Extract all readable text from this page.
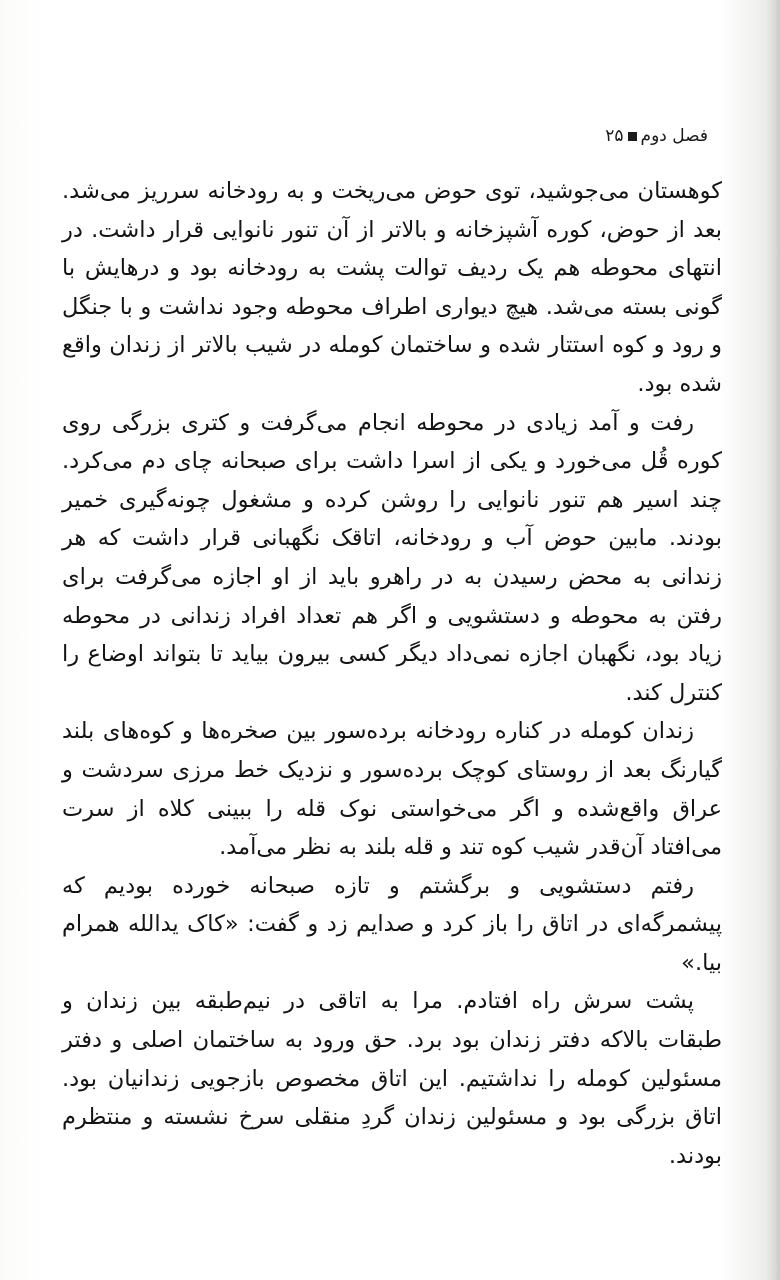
فصل دوم
۲۵

کوهستان می‌جوشید، توی حوض می‌ریخت و به رودخانه سرریز می‌شد. بعد از حوض، کوره آشپزخانه و بالاتر از آن تنور نانوایی قرار داشت. در انتهای محوطه هم یک ردیف توالت پشت به رودخانه بود و درهایش با گونی بسته می‌شد. هیچ دیواری اطراف محوطه وجود نداشت و با جنگل و رود و کوه استتار شده و ساختمان کومله در شیب بالاتر از زندان واقع شده بود.

رفت و آمد زیادی در محوطه انجام می‌گرفت و کتری بزرگی روی کوره قُل می‌خورد و یکی از اسرا داشت برای صبحانه چای دم می‌کرد. چند اسیر هم تنور نانوایی را روشن کرده و مشغول چونه‌گیری خمیر بودند. مابین حوض آب و رودخانه، اتاقک نگهبانی قرار داشت که هر زندانی به محض رسیدن به در راهرو باید از او اجازه می‌گرفت برای رفتن به محوطه و دستشویی و اگر هم تعداد افراد زندانی در محوطه زیاد بود، نگهبان اجازه نمی‌داد دیگر کسی بیرون بیاید تا بتواند اوضاع را کنترل کند.

زندان کومله در کناره رودخانه برده‌سور بین صخره‌ها و کوه‌های بلند گیارنگ بعد از روستای کوچک برده‌سور و نزدیک خط مرزی سردشت و عراق واقع‌شده و اگر می‌خواستی نوک قله را ببینی کلاه از سرت می‌افتاد آن‌قدر شیب کوه تند و قله بلند به نظر می‌آمد.

رفتم دستشویی و برگشتم و تازه صبحانه خورده بودیم که پیشمرگه‌ای در اتاق را باز کرد و صدایم زد و گفت: «کاک یدالله همرام بیا.»

پشت سرش راه افتادم. مرا به اتاقی در نیم‌طبقه بین زندان و طبقات بالاکه دفتر زندان بود برد. حق ورود به ساختمان اصلی و دفتر مسئولین کومله را نداشتیم. این اتاق مخصوص بازجویی زندانیان بود. اتاق بزرگی بود و مسئولین زندان گردِ منقلی سرخ نشسته و منتظرم بودند.
